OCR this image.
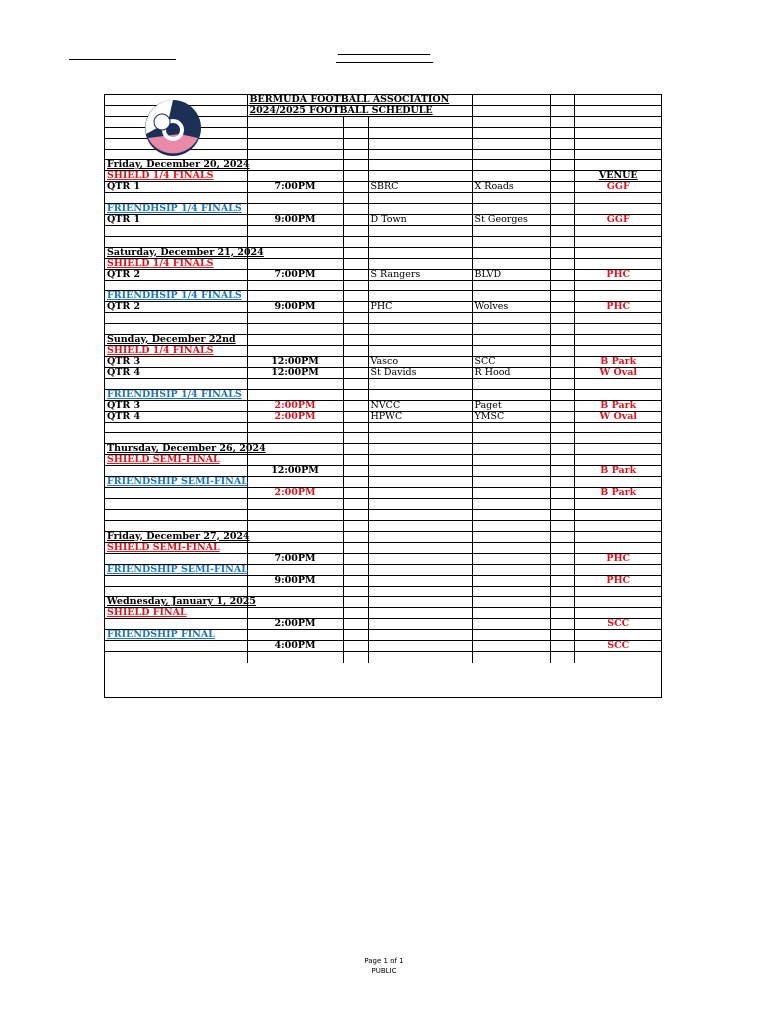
	BERMUDA FOOTBALL ASSOCIATION					
	2024/2025 FOOTBALL SCHEDULE					

Friday, December 20, 2024						
SHIELD 1/4 FINALS						VENUE
QTR 1	7:00PM		SBRC	X Roads		GGF

FRIENDHSIP 1/4 FINALS						
QTR 1	9:00PM		D Town	St Georges		GGF

Saturday, December 21, 2024						
SHIELD 1/4 FINALS						
QTR 2	7:00PM		S Rangers	BLVD		PHC

FRIENDHSIP 1/4 FINALS						
QTR 2	9:00PM		PHC	Wolves		PHC

Sunday, December 22nd						
SHIELD 1/4 FINALS						
QTR 3	12:00PM		Vasco	SCC		B Park
QTR 4	12:00PM		St Davids	R Hood		W Oval

FRIENDHSIP 1/4 FINALS						
QTR 3	2:00PM		NVCC	Paget		B Park
QTR 4	2:00PM		HPWC	YMSC		W Oval

Thursday, December 26, 2024						
SHIELD SEMI-FINAL						
	12:00PM					B Park
FRIENDSHIP SEMI-FINAL						
	2:00PM					B Park

Friday, December 27, 2024						
SHIELD SEMI-FINAL						
	7:00PM					PHC
FRIENDSHIP SEMI-FINAL						
	9:00PM					PHC

Wednesday, January 1, 2025						
SHIELD FINAL						
	2:00PM					SCC
FRIENDSHIP FINAL						
	4:00PM					SCC

Page 1 of 1
PUBLIC
